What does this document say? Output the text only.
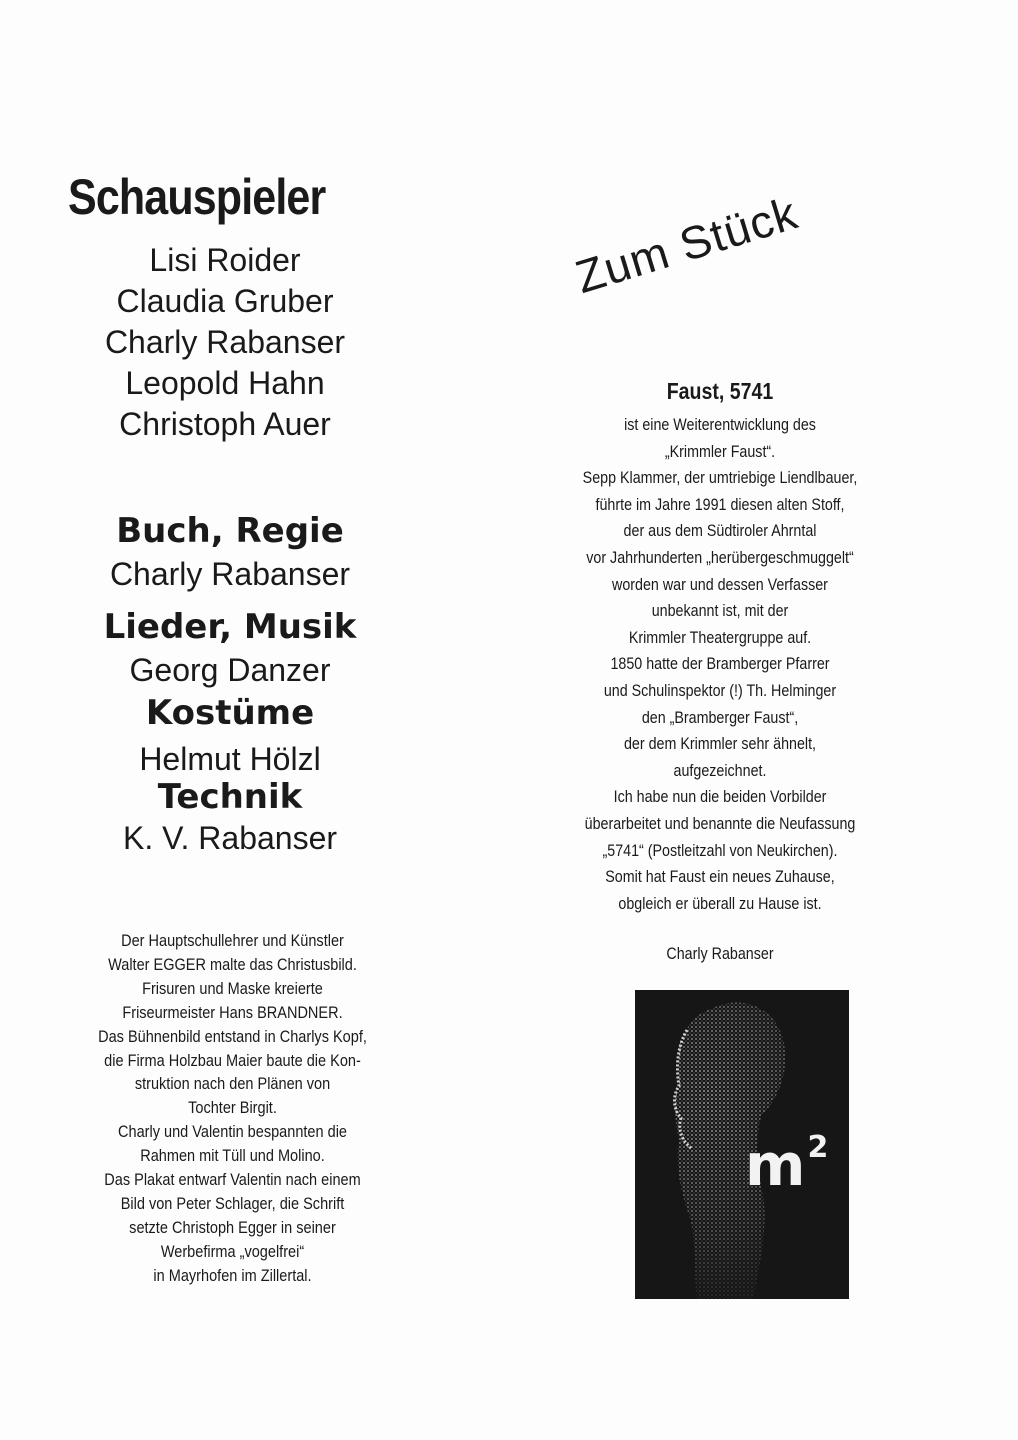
Schauspieler
Lisi Roider
Claudia Gruber
Charly Rabanser
Leopold Hahn
Christoph Auer
Buch, Regie
Charly Rabanser
Lieder, Musik
Georg Danzer
Kostüme
Helmut Hölzl
Technik
K. V. Rabanser
Der Hauptschullehrer und Künstler
Walter EGGER malte das Christusbild.
Frisuren und Maske kreierte
Friseurmeister Hans BRANDNER.
Das Bühnenbild entstand in Charlys Kopf,
die Firma Holzbau Maier baute die Kon-
struktion nach den Plänen von
Tochter Birgit.
Charly und Valentin bespannten die
Rahmen mit Tüll und Molino.
Das Plakat entwarf Valentin nach einem
Bild von Peter Schlager, die Schrift
setzte Christoph Egger in seiner
Werbefirma „vogelfrei“
in Mayrhofen im Zillertal.
Zum Stück
Faust, 5741
ist eine Weiterentwicklung des
„Krimmler Faust“.
Sepp Klammer, der umtriebige Liendlbauer,
führte im Jahre 1991 diesen alten Stoff,
der aus dem Südtiroler Ahrntal
vor Jahrhunderten „herübergeschmuggelt“
worden war und dessen Verfasser
unbekannt ist, mit der
Krimmler Theatergruppe auf.
1850 hatte der Bramberger Pfarrer
und Schulinspektor (!) Th. Helminger
den „Bramberger Faust“,
der dem Krimmler sehr ähnelt,
aufgezeichnet.
Ich habe nun die beiden Vorbilder
überarbeitet und benannte die Neufassung
„5741“ (Postleitzahl von Neukirchen).
Somit hat Faust ein neues Zuhause,
obgleich er überall zu Hause ist.
Charly Rabanser
$m^2$
